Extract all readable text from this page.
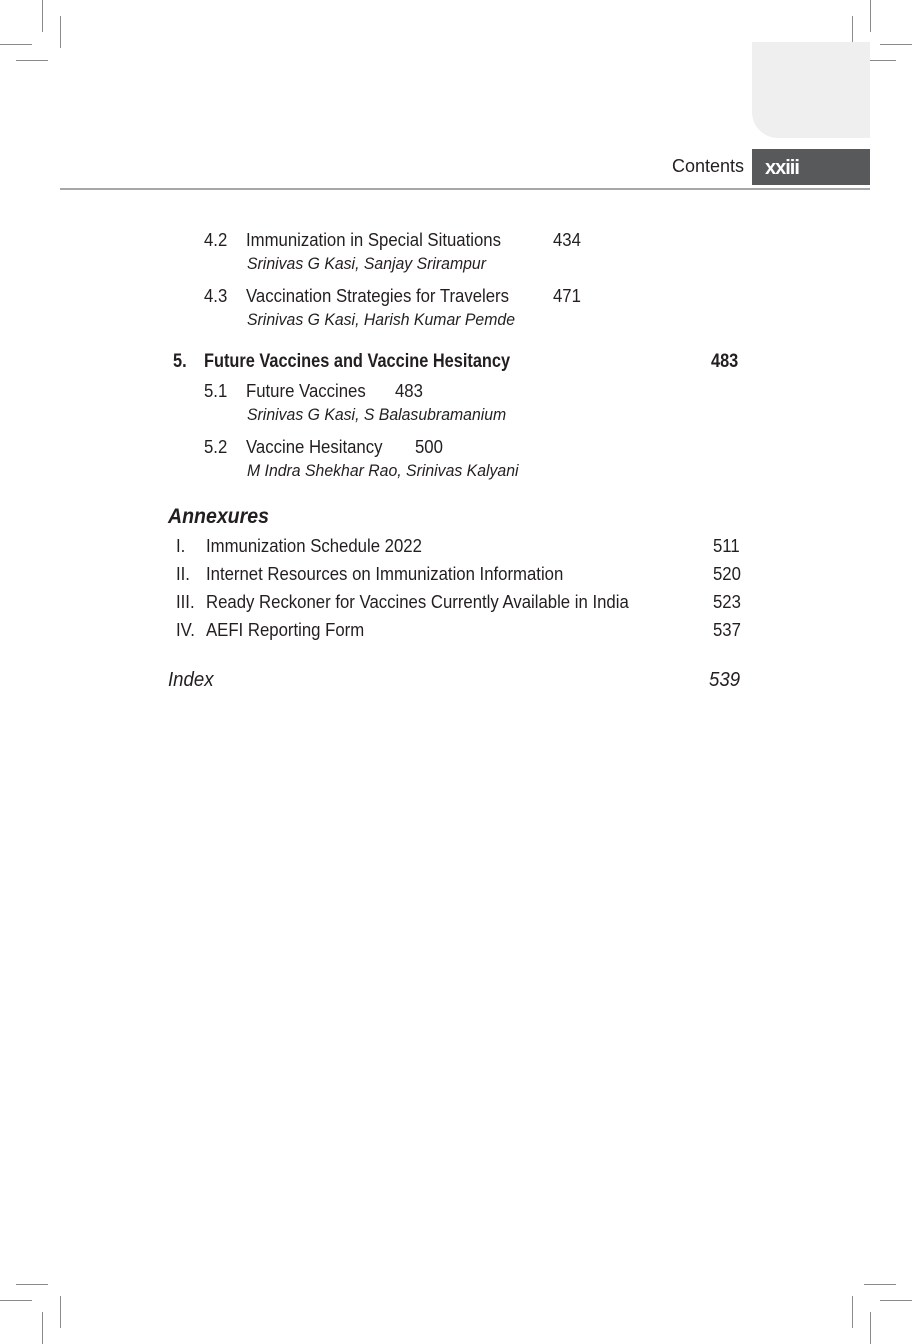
Contents	xxiii
4.2 Immunization in Special Situations	434
Srinivas G Kasi, Sanjay Srirampur
4.3 Vaccination Strategies for Travelers 471
Srinivas G Kasi, Harish Kumar Pemde
5. Future Vaccines and Vaccine Hesitancy	483
5.1 Future Vaccines 483
Srinivas G Kasi, S Balasubramanium
5.2 Vaccine Hesitancy 500
M Indra Shekhar Rao, Srinivas Kalyani
Annexures
I. Immunization Schedule 2022	511
II. Internet Resources on Immunization Information	520
III. Ready Reckoner for Vaccines Currently Available in India	523
IV. AEFI Reporting Form	537
Index	539
